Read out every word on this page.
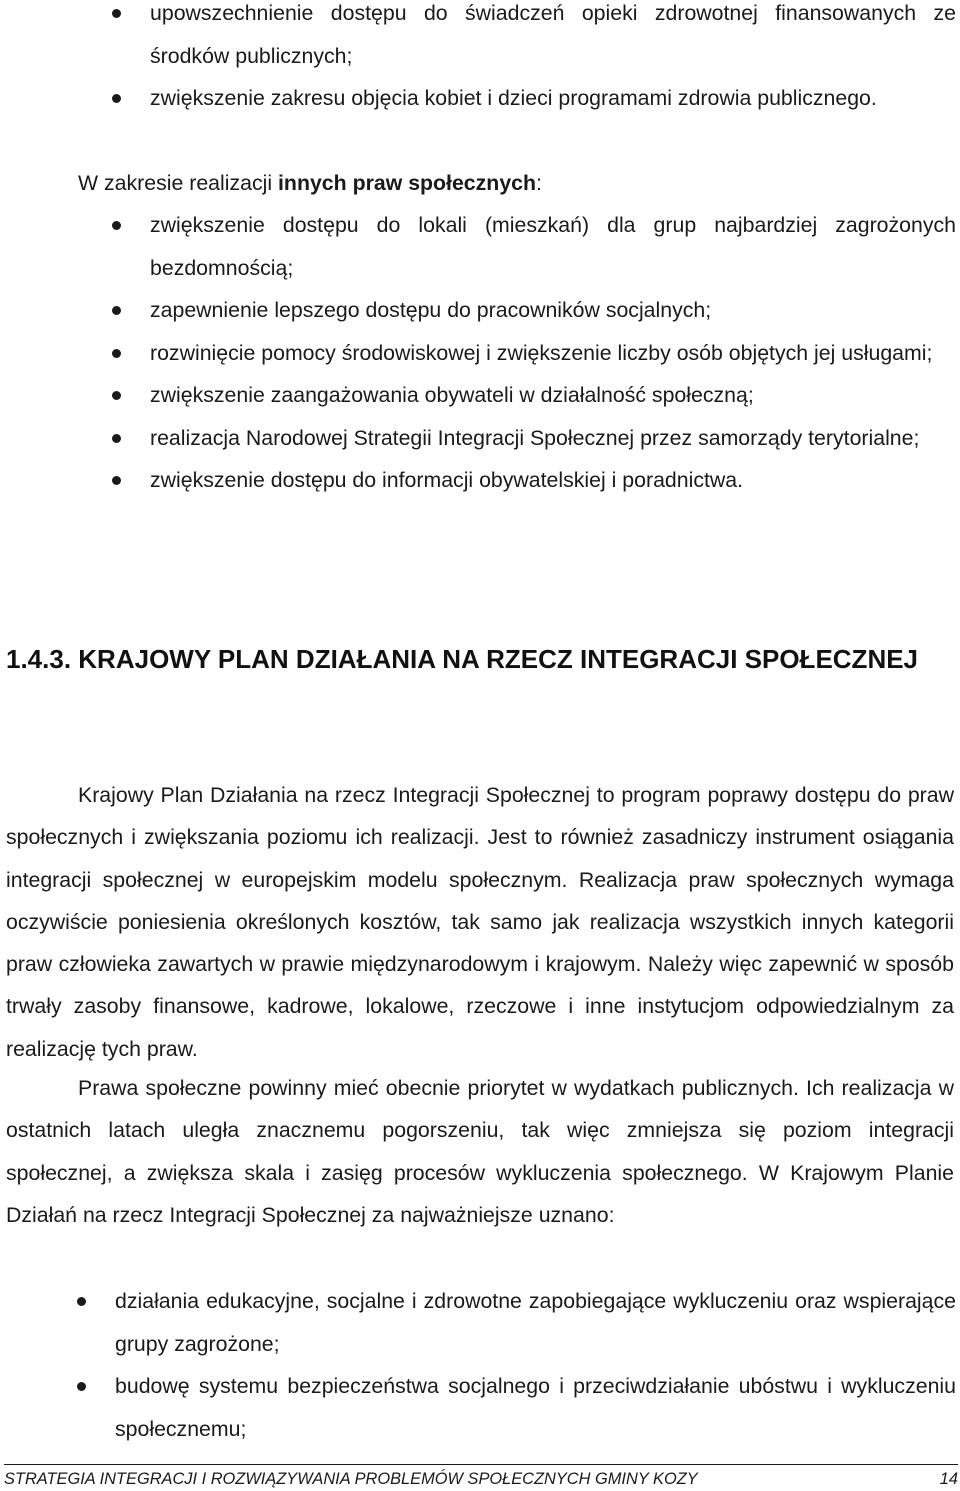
upowszechnienie dostępu do świadczeń opieki zdrowotnej finansowanych ze środków publicznych;
zwiększenie zakresu objęcia kobiet i dzieci programami zdrowia publicznego.
W zakresie realizacji innych praw społecznych:
zwiększenie dostępu do lokali (mieszkań) dla grup najbardziej zagrożonych bezdomnością;
zapewnienie lepszego dostępu do pracowników socjalnych;
rozwinięcie pomocy środowiskowej i zwiększenie liczby osób objętych jej usługami;
zwiększenie zaangażowania obywateli w działalność społeczną;
realizacja Narodowej Strategii Integracji Społecznej przez samorządy terytorialne;
zwiększenie dostępu do informacji obywatelskiej i poradnictwa.
1.4.3. KRAJOWY PLAN DZIAŁANIA NA RZECZ INTEGRACJI SPOŁECZNEJ

Krajowy Plan Działania na rzecz Integracji Społecznej to program poprawy dostępu do praw społecznych i zwiększania poziomu ich realizacji. Jest to również zasadniczy instrument osiągania integracji społecznej w europejskim modelu społecznym. Realizacja praw społecznych wymaga oczywiście poniesienia określonych kosztów, tak samo jak realizacja wszystkich innych kategorii praw człowieka zawartych w prawie międzynarodowym i krajowym. Należy więc zapewnić w sposób trwały zasoby finansowe, kadrowe, lokalowe, rzeczowe i inne instytucjom odpowiedzialnym za realizację tych praw.

Prawa społeczne powinny mieć obecnie priorytet w wydatkach publicznych. Ich realizacja w ostatnich latach uległa znacznemu pogorszeniu, tak więc zmniejsza się poziom integracji społecznej, a zwiększa skala i zasięg procesów wykluczenia społecznego. W Krajowym Planie Działań na rzecz Integracji Społecznej za najważniejsze uznano:

działania edukacyjne, socjalne i zdrowotne zapobiegające wykluczeniu oraz wspierające grupy zagrożone;
budowę systemu bezpieczeństwa socjalnego i przeciwdziałanie ubóstwu i wykluczeniu społecznemu;
STRATEGIA INTEGRACJI I ROZWIĄZYWANIA PROBLEMÓW SPOŁECZNYCH GMINY KOZY	14
